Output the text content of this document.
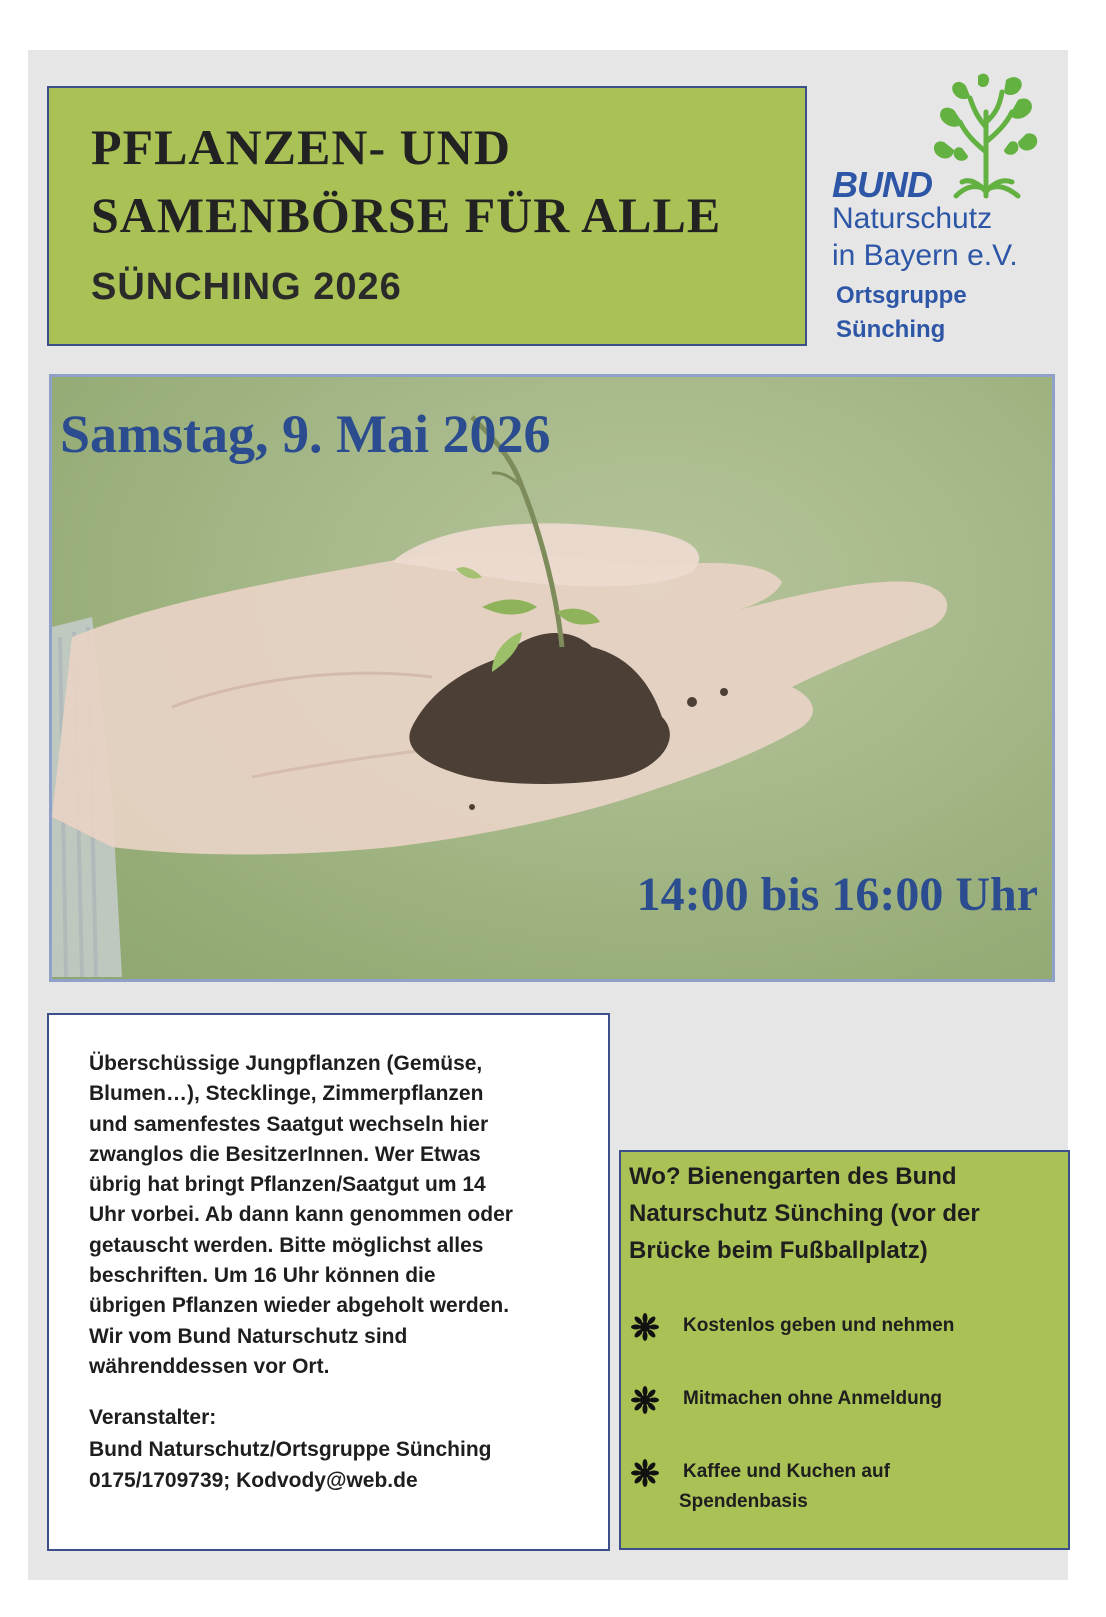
PFLANZEN- UND
SAMENBÖRSE FÜR ALLE
SÜNCHING 2026
BUND
Naturschutz
in Bayern e.V.
Ortsgruppe
Sünching
Samstag, 9. Mai 2026
14:00 bis 16:00 Uhr

Überschüssige Jungpflanzen (Gemüse,
Blumen…), Stecklinge, Zimmerpflanzen
und samenfestes Saatgut wechseln hier
zwanglos die BesitzerInnen. Wer Etwas
übrig hat bringt Pflanzen/Saatgut um 14
Uhr vorbei. Ab dann kann genommen oder
getauscht werden. Bitte möglichst alles
beschriften. Um 16 Uhr können die
übrigen Pflanzen wieder abgeholt werden.
Wir vom Bund Naturschutz sind
währenddessen vor Ort.

Veranstalter:
Bund Naturschutz/Ortsgruppe Sünching
0175/1709739; Kodvody@web.de

Wo? Bienengarten des Bund
Naturschutz Sünching (vor der
Brücke beim Fußballplatz)

Kostenlos geben und nehmen
Mitmachen ohne Anmeldung
Kaffee und Kuchen auf
Spendenbasis
